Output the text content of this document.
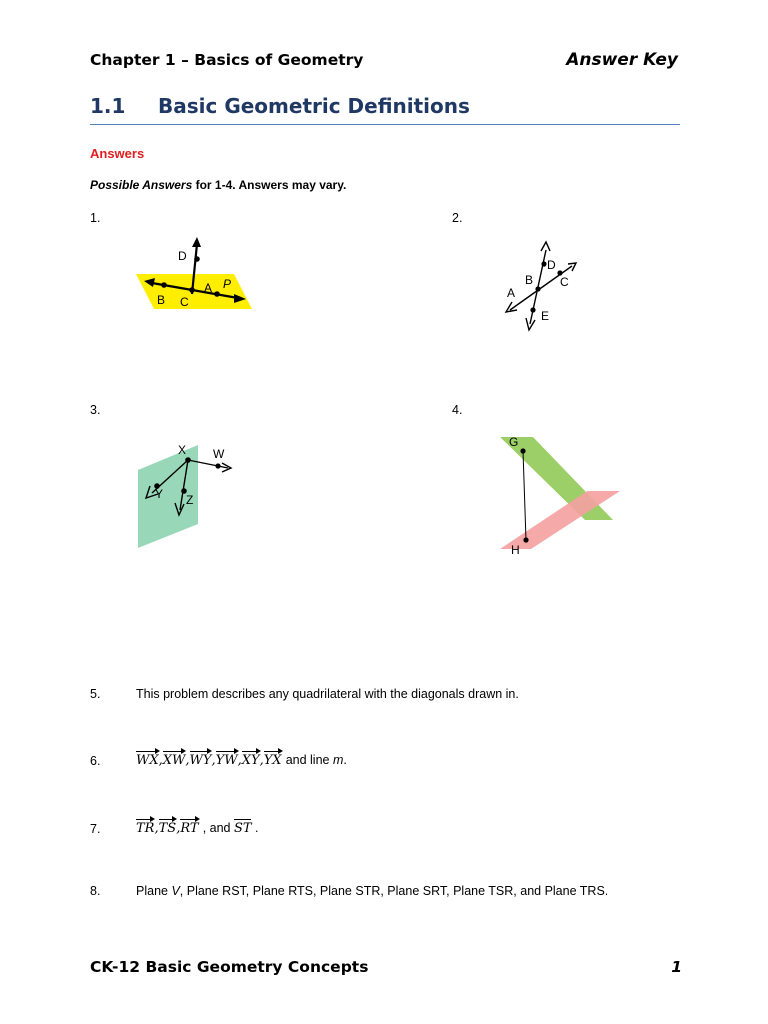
Chapter 1 – Basics of Geometry	Answer Key
1.1 Basic Geometric Definitions
Answers
Possible Answers for 1-4. Answers may vary.
1.	2.
3.	4.
D
A P
B C
D
B C
A
E
X W
Y Z
G
H
5.	This problem describes any quadrilateral with the diagonals drawn in.
6.	WX,XW,WY,YW,XY,YX and line m.
7.	TR,TS,RT , and ST .
8.	Plane V, Plane RST, Plane RTS, Plane STR, Plane SRT, Plane TSR, and Plane TRS.
CK-12 Basic Geometry Concepts	1
